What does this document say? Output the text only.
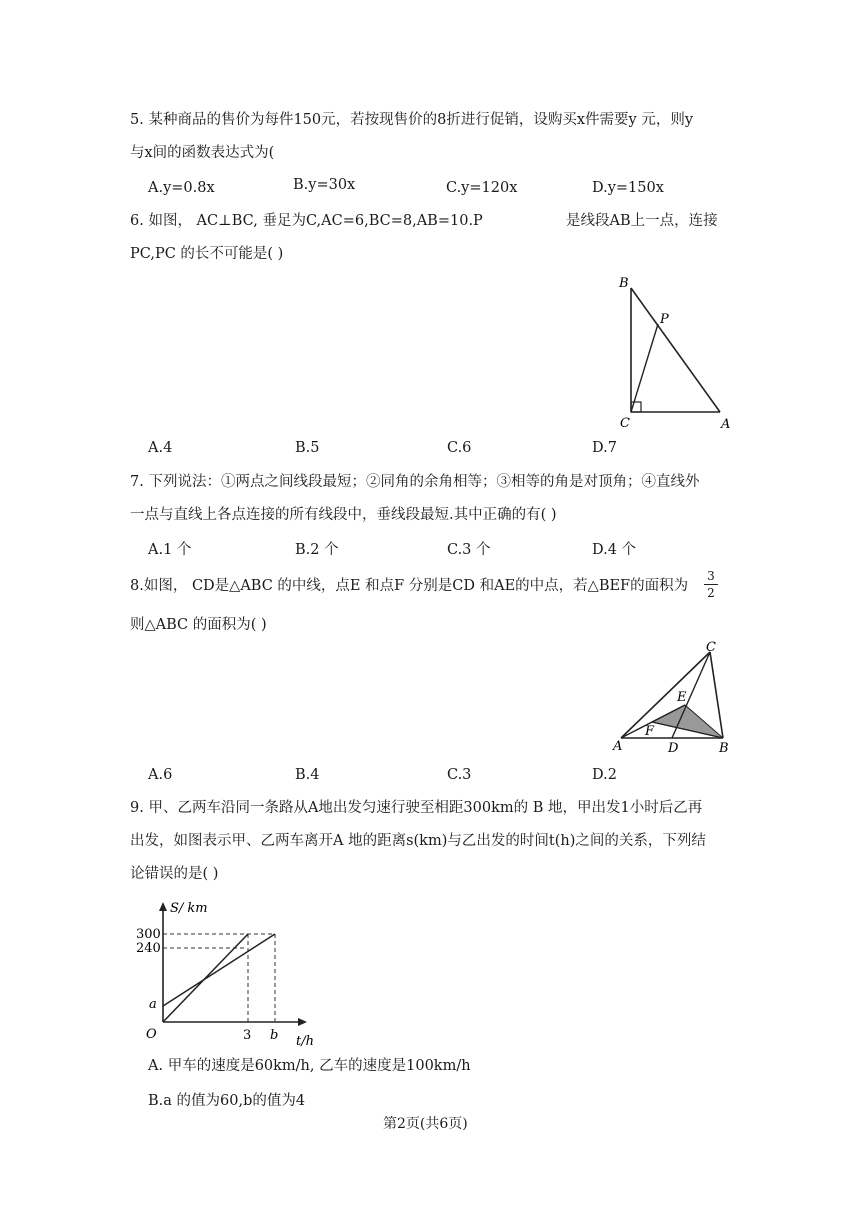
5. 某种商品的售价为每件150元，若按现售价的8折进行促销，设购买x件需要y 元，则y
与x间的函数表达式为(
A.y=0.8x	B.y=30x	C.y=120x	D.y=150x
6. 如图， AC⊥BC, 垂足为C,AC=6,BC=8,AB=10.P	是线段AB上一点，连接
PC,PC 的长不可能是( )
B
P
C	A
A.4	B.5	C.6	D.7
7. 下列说法：①两点之间线段最短；②同角的余角相等；③相等的角是对顶角；④直线外
一点与直线上各点连接的所有线段中，垂线段最短.其中正确的有( )
A.1 个	B.2 个	C.3 个	D.4 个
8.如图， CD是△ABC 的中线，点E 和点F 分别是CD 和AE的中点，若△BEF的面积为 $\frac{3}{2}$
则△ABC 的面积为( )
C
E
A
F
D	B
A.6	B.4	C.3	D.2
9. 甲、乙两车沿同一条路从A地出发匀速行驶至相距300km的 B 地，甲出发1小时后乙再
出发，如图表示甲、乙两车离开A 地的距离s(km)与乙出发的时间t(h)之间的关系，下列结
论错误的是( )
S/ km
t/h
O
300
240
a
3 b
A. 甲车的速度是60km/h, 乙车的速度是100km/h
B.a 的值为60,b的值为4
第2页(共6页)
